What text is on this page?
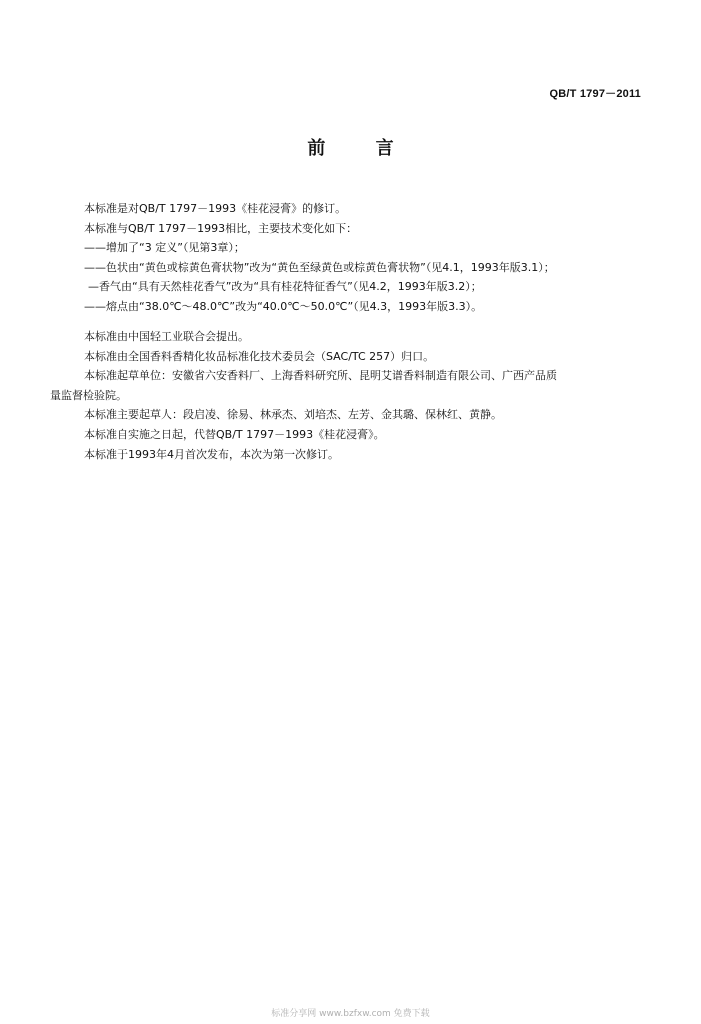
QB/T 1797－2011
前 言

本标准是对QB/T 1797－1993《桂花浸膏》的修订。

本标准与QB/T 1797－1993相比，主要技术变化如下：

——增加了“3 定义”（见第3章）；

——色状由“黄色或棕黄色膏状物”改为“黄色至绿黄色或棕黄色膏状物”（见4.1，1993年版3.1）；

—香气由“具有天然桂花香气”改为“具有桂花特征香气”（见4.2，1993年版3.2）；

——熔点由“38.0℃～48.0℃”改为“40.0℃～50.0℃”（见4.3，1993年版3.3）。

本标准由中国轻工业联合会提出。

本标准由全国香料香精化妆品标准化技术委员会（SAC/TC 257）归口。

本标准起草单位：安徽省六安香料厂、上海香料研究所、昆明艾谱香料制造有限公司、广西产品质

量监督检验院。

本标准主要起草人：段启凌、徐易、林承杰、刘培杰、左芳、金其璐、保林红、黄静。

本标准自实施之日起，代替QB/T 1797－1993《桂花浸膏》。

本标准于1993年4月首次发布，本次为第一次修订。

标准分享网 www.bzfxw.com 免费下载
